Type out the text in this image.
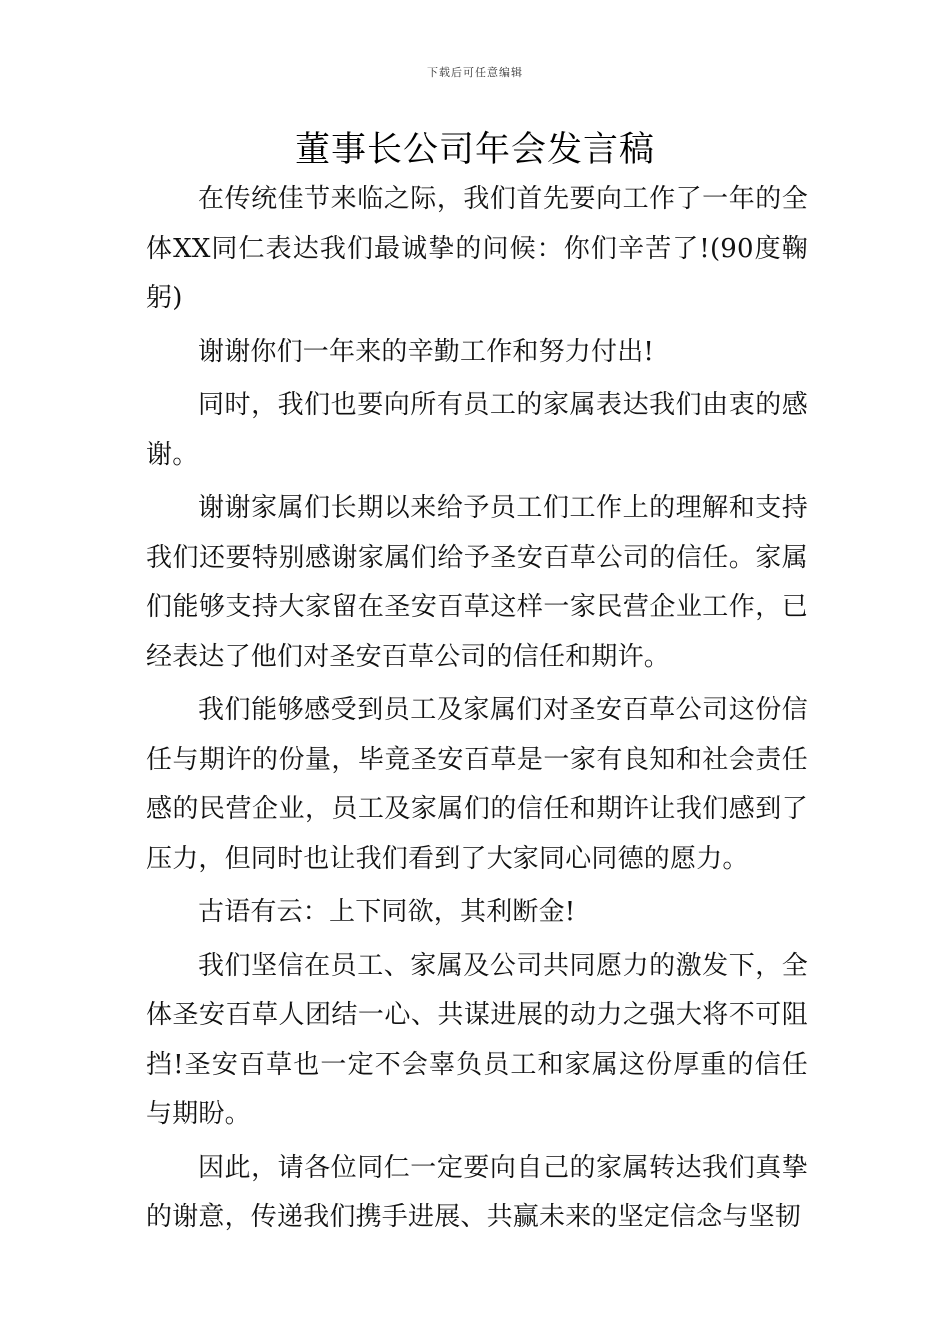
下载后可任意编辑
董事长公司年会发言稿

在传统佳节来临之际，我们首先要向工作了一年的全体XX同仁表达我们最诚挚的问候：你们辛苦了!(90度鞠躬)

谢谢你们一年来的辛勤工作和努力付出!

同时，我们也要向所有员工的家属表达我们由衷的感谢。

谢谢家属们长期以来给予员工们工作上的理解和支持我们还要特别感谢家属们给予圣安百草公司的信任。家属们能够支持大家留在圣安百草这样一家民营企业工作，已经表达了他们对圣安百草公司的信任和期许。

我们能够感受到员工及家属们对圣安百草公司这份信任与期许的份量，毕竟圣安百草是一家有良知和社会责任感的民营企业，员工及家属们的信任和期许让我们感到了压力，但同时也让我们看到了大家同心同德的愿力。

古语有云：上下同欲，其利断金!

我们坚信在员工、家属及公司共同愿力的激发下，全体圣安百草人团结一心、共谋进展的动力之强大将不可阻挡!圣安百草也一定不会辜负员工和家属这份厚重的信任与期盼。

因此，请各位同仁一定要向自己的家属转达我们真挚的谢意，传递我们携手进展、共赢未来的坚定信念与坚韧
